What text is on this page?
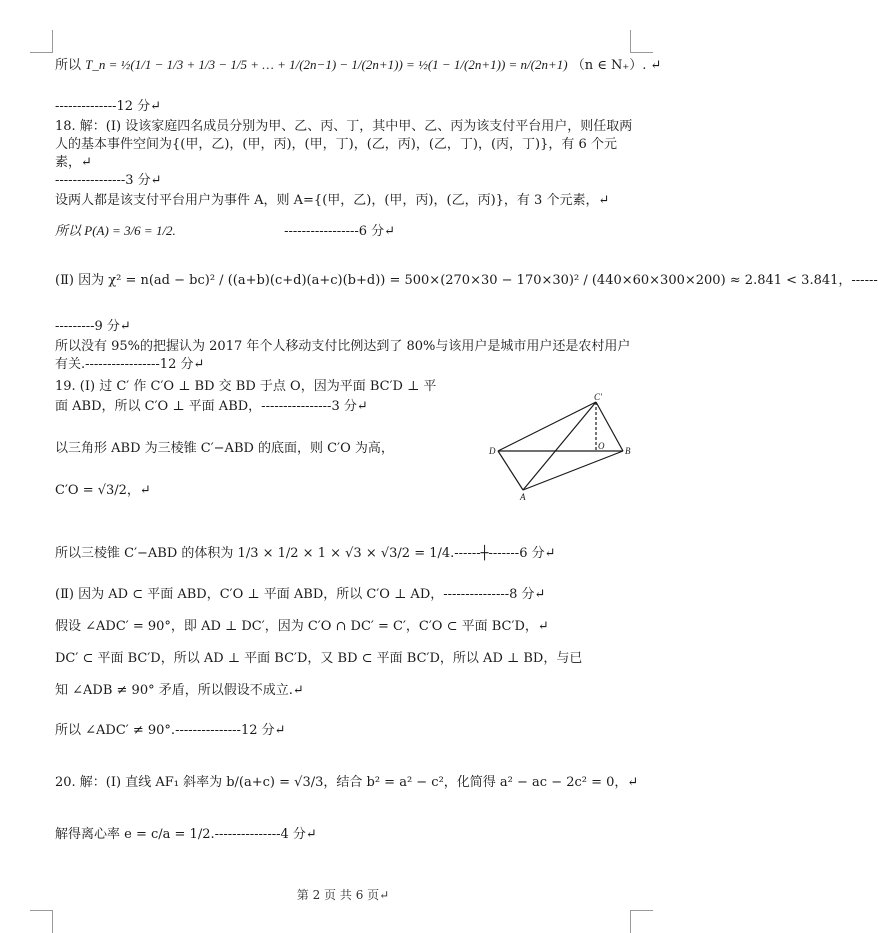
所以 T_n = ½(1/1 − 1/3 + 1/3 − 1/5 + … + 1/(2n−1) − 1/(2n+1)) = ½(1 − 1/(2n+1)) = n/(2n+1) （n ∈ N₊）. ↵
--------------12 分↵
18. 解：(Ⅰ) 设该家庭四名成员分别为甲、乙、丙、丁，其中甲、乙、丙为该支付平台用户，则任取两人的基本事件空间为{(甲，乙)，(甲，丙)，(甲，丁)，(乙，丙)，(乙，丁)，(丙，丁)}，有 6 个元素，↵
----------------3 分↵
设两人都是该支付平台用户为事件 A，则 A={(甲，乙)，(甲，丙)，(乙，丙)}，有 3 个元素，↵
所以 P(A) = 3/6 = 1/2.	-----------------6 分↵
(Ⅱ) 因为 χ² = n(ad − bc)² / ((a+b)(c+d)(a+c)(b+d)) = 500×(270×30 − 170×30)² / (440×60×300×200) ≈ 2.841 < 3.841，------
---------9 分↵
所以没有 95%的把握认为 2017 年个人移动支付比例达到了 80%与该用户是城市用户还是农村用户有关.-----------------12 分↵
19. (Ⅰ) 过 C′ 作 C′O ⊥ BD 交 BD 于点 O，因为平面 BC′D ⊥ 平
面 ABD，所以 C′O ⊥ 平面 ABD，----------------3 分↵
以三角形 ABD 为三棱锥 C′−ABD 的底面，则 C′O 为高，
C′O = √3/2，↵
C′
D	O B
A
所以三棱锥 C′−ABD 的体积为 1/3 × 1/2 × 1 × √3 × √3/2 = 1/4.------┼-------6 分↵
(Ⅱ) 因为 AD ⊂ 平面 ABD，C′O ⊥ 平面 ABD，所以 C′O ⊥ AD，---------------8 分↵
假设 ∠ADC′ = 90°，即 AD ⊥ DC′，因为 C′O ∩ DC′ = C′，C′O ⊂ 平面 BC′D，↵
DC′ ⊂ 平面 BC′D，所以 AD ⊥ 平面 BC′D，又 BD ⊂ 平面 BC′D，所以 AD ⊥ BD，与已
知 ∠ADB ≠ 90° 矛盾，所以假设不成立.↵
所以 ∠ADC′ ≠ 90°.---------------12 分↵
20. 解：(Ⅰ) 直线 AF₁ 斜率为 b/(a+c) = √3/3，结合 b² = a² − c²，化简得 a² − ac − 2c² = 0，↵
解得离心率 e = c/a = 1/2.---------------4 分↵
第 2 页 共 6 页↵
